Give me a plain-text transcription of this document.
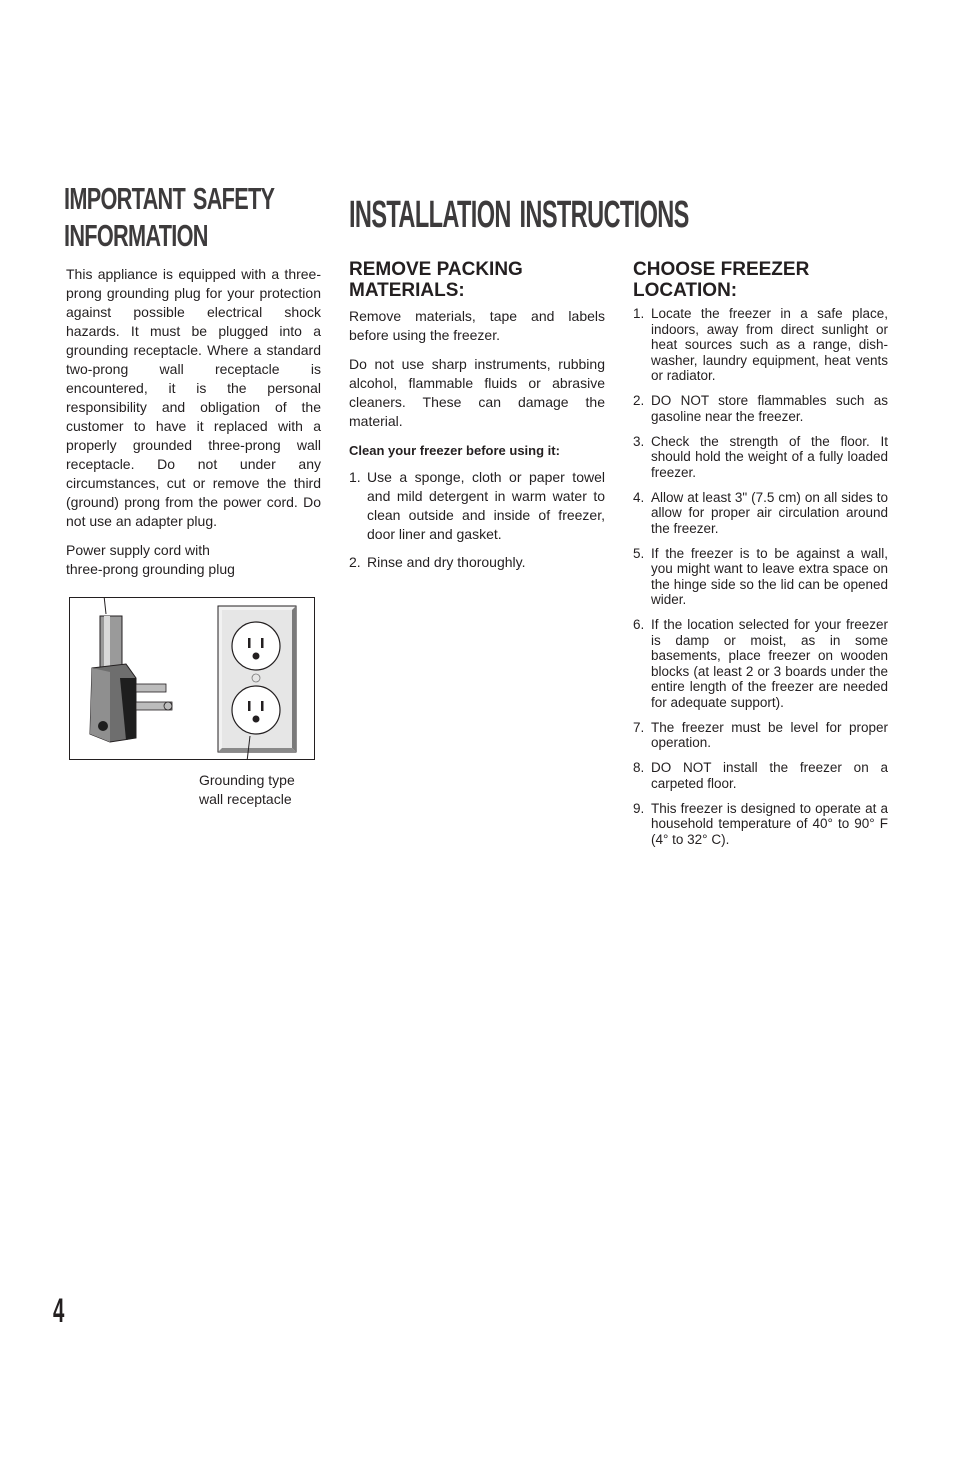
important safety information

This appliance is equipped with a three-prong grounding plug for your protection against possible electrical shock hazards. It must be plugged into a grounding receptacle. Where a standard two-prong wall receptacle is encountered, it is the personal responsibility and obligation of the customer to have it replaced with a properly grounded three-prong wall receptacle. Do not under any circumstances, cut or remove the third (ground) prong from the power cord. Do not use an adapter plug.

Power supply cord with
three-prong grounding plug
Grounding type
wall receptacle
installation instructions
REMOVE PACKING MATERIALS:

Remove materials, tape and labels before using the freezer.

Do not use sharp instruments, rubbing alcohol, flammable fluids or abrasive cleaners. These can damage the material.

Clean your freezer before using it:

1. Use a sponge, cloth or paper towel and mild detergent in warm water to clean outside and inside of freezer, door liner and gasket.
2. Rinse and dry thoroughly.
CHOOSE FREEZER LOCATION:
1. Locate the freezer in a safe place, indoors, away from direct sunlight or heat sources such as a range, dish-washer, laundry equipment, heat vents or radiator.
2. DO NOT store flammables such as gasoline near the freezer.
3. Check the strength of the floor. It should hold the weight of a fully loaded freezer.
4. Allow at least 3" (7.5 cm) on all sides to allow for proper air circulation around the freezer.
5. If the freezer is to be against a wall, you might want to leave extra space on the hinge side so the lid can be opened wider.
6. If the location selected for your freezer is damp or moist, as in some basements, place freezer on wooden blocks (at least 2 or 3 boards under the entire length of the freezer are needed for adequate support).
7. The freezer must be level for proper operation.
8. DO NOT install the freezer on a carpeted floor.
9. This freezer is designed to operate at a household temperature of 40° to 90° F (4° to 32° C).
4
